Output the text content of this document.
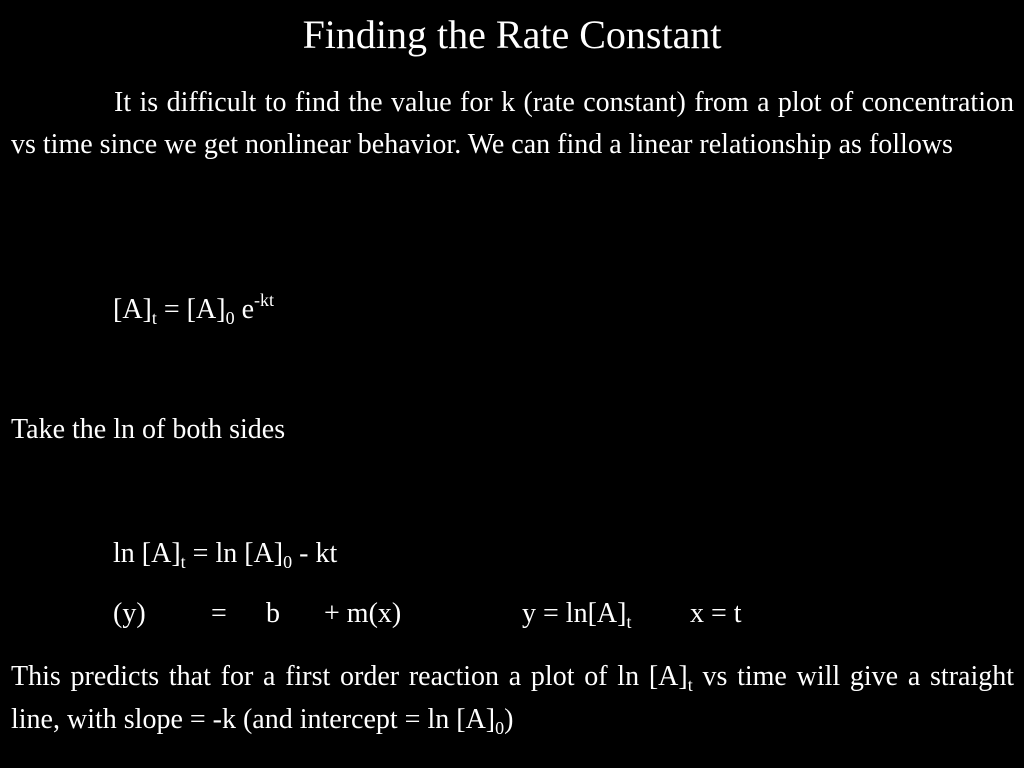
Finding the Rate Constant
It is difficult to find the value for k (rate constant) from a plot of concentration vs time since we get nonlinear behavior. We can find a linear relationship as follows
$[A]_t = [A]_0$ $e^{-kt}$
Take the ln of both sides
$\ln [A]_t = \ln [A]_0$ - kt
(y) = b + m(x)	$y = \ln[A]_t$ x = t
This predicts that for a first order reaction a plot of $\ln [A]_t$ vs time will give a straight line, with slope = -k (and intercept = $\ln [A]_0$)
